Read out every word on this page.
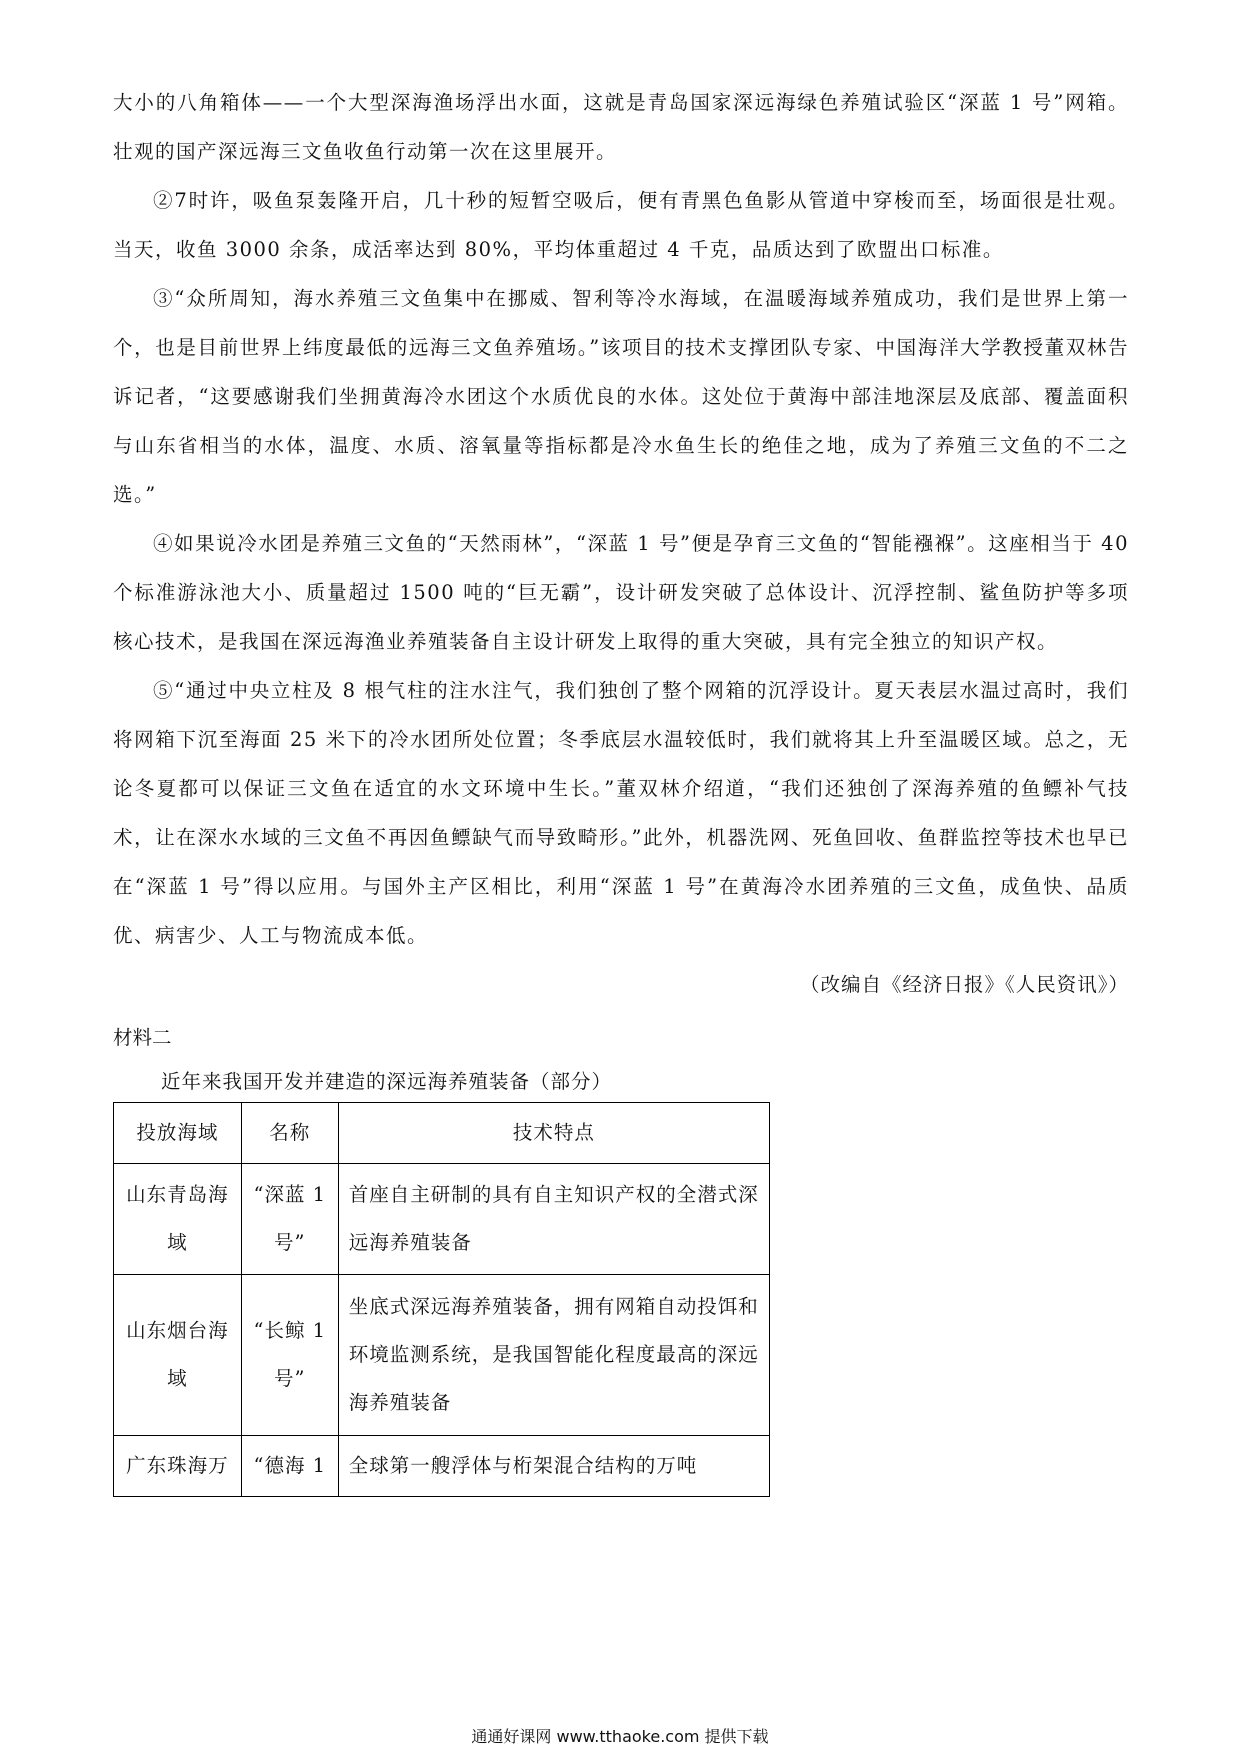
大小的八角箱体——一个大型深海渔场浮出水面，这就是青岛国家深远海绿色养殖试验区“深蓝 1 号”网箱。壮观的国产深远海三文鱼收鱼行动第一次在这里展开。

②7时许，吸鱼泵轰隆开启，几十秒的短暂空吸后，便有青黑色鱼影从管道中穿梭而至，场面很是壮观。当天，收鱼 3000 余条，成活率达到 80%，平均体重超过 4 千克，品质达到了欧盟出口标准。

③“众所周知，海水养殖三文鱼集中在挪威、智利等冷水海域，在温暖海域养殖成功，我们是世界上第一个，也是目前世界上纬度最低的远海三文鱼养殖场。”该项目的技术支撑团队专家、中国海洋大学教授董双林告诉记者，“这要感谢我们坐拥黄海冷水团这个水质优良的水体。这处位于黄海中部洼地深层及底部、覆盖面积与山东省相当的水体，温度、水质、溶氧量等指标都是冷水鱼生长的绝佳之地，成为了养殖三文鱼的不二之选。”

④如果说冷水团是养殖三文鱼的“天然雨林”，“深蓝 1 号”便是孕育三文鱼的“智能襁褓”。这座相当于 40 个标准游泳池大小、质量超过 1500 吨的“巨无霸”，设计研发突破了总体设计、沉浮控制、鲨鱼防护等多项核心技术，是我国在深远海渔业养殖装备自主设计研发上取得的重大突破，具有完全独立的知识产权。

⑤“通过中央立柱及 8 根气柱的注水注气，我们独创了整个网箱的沉浮设计。夏天表层水温过高时，我们将网箱下沉至海面 25 米下的冷水团所处位置；冬季底层水温较低时，我们就将其上升至温暖区域。总之，无论冬夏都可以保证三文鱼在适宜的水文环境中生长。”董双林介绍道，“我们还独创了深海养殖的鱼鳔补气技术，让在深水水域的三文鱼不再因鱼鳔缺气而导致畸形。”此外，机器洗网、死鱼回收、鱼群监控等技术也早已在“深蓝 1 号”得以应用。与国外主产区相比，利用“深蓝 1 号”在黄海冷水团养殖的三文鱼，成鱼快、品质优、病害少、人工与物流成本低。

（改编自《经济日报》《人民资讯》）

材料二

近年来我国开发并建造的深远海养殖装备（部分）

投放海域	名称	技术特点
山东青岛海域	“深蓝 1 号”	首座自主研制的具有自主知识产权的全潜式深远海养殖装备
山东烟台海域	“长鲸 1 号”	坐底式深远海养殖装备，拥有网箱自动投饵和环境监测系统，是我国智能化程度最高的深远海养殖装备
广东珠海万	“德海 1	全球第一艘浮体与桁架混合结构的万吨
通通好课网 www.tthaoke.com 提供下载
